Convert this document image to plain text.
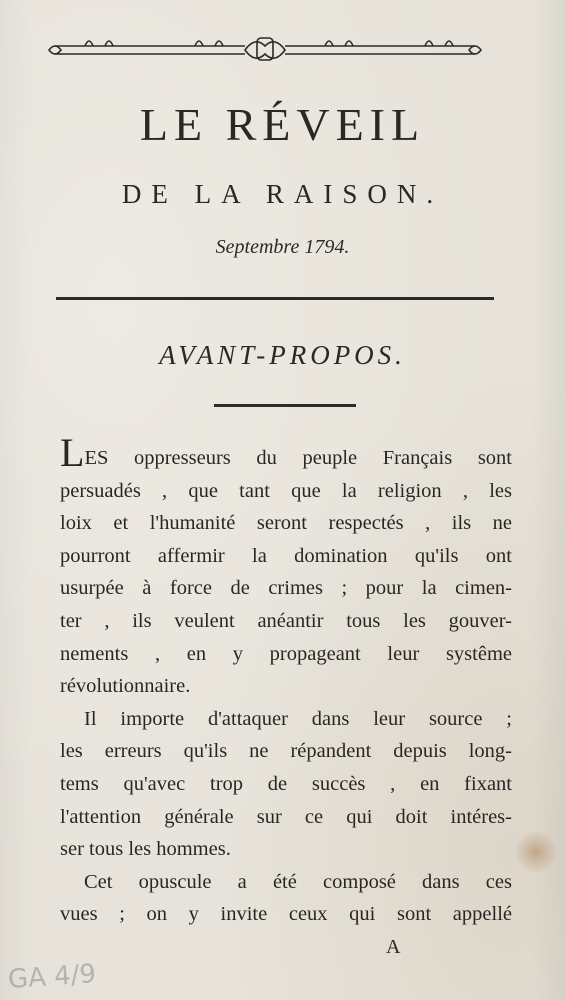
LE RÉVEIL
DE LA RAISON.
Septembre 1794.
AVANT-PROPOS.
LES oppresseurs du peuple Français sont
persuadés , que tant que la religion , les
loix et l'humanité seront respectés , ils ne
pourront affermir la domination qu'ils ont
usurpée à force de crimes ; pour la cimen-
ter , ils veulent anéantir tous les gouver-
nements , en y propageant leur systême
révolutionnaire.
Il importe d'attaquer dans leur source ;
les erreurs qu'ils ne répandent depuis long-
tems qu'avec trop de succès , en fixant
l'attention générale sur ce qui doit intéres-
ser tous les hommes.
Cet opuscule a été composé dans ces
vues ; on y invite ceux qui sont appellé
A
GA 4/9
